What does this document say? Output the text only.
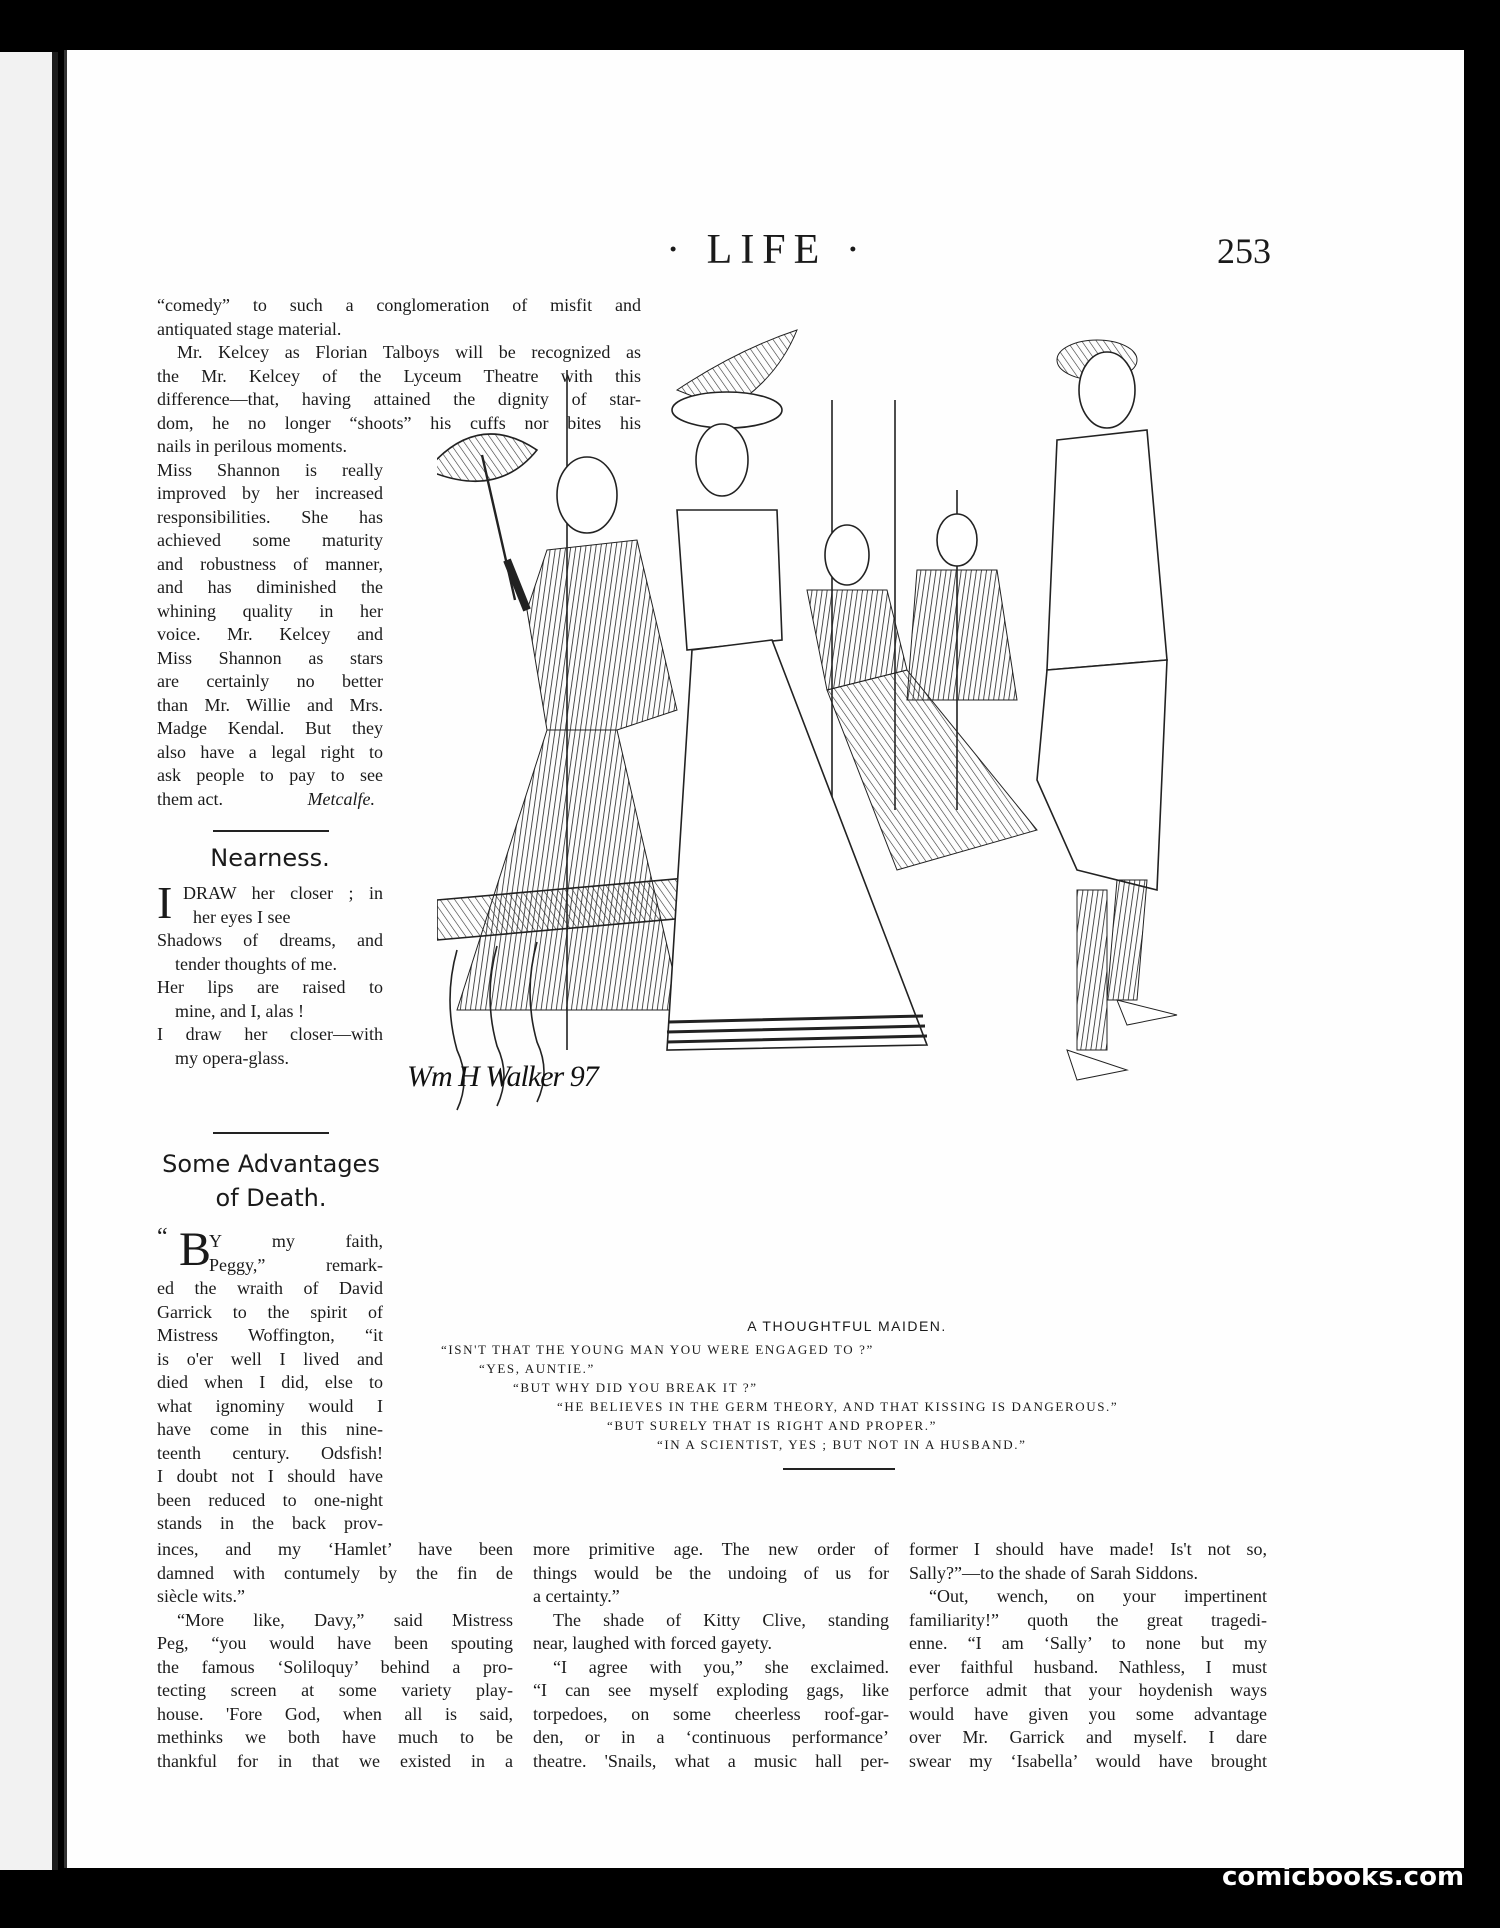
· LIFE ·	253
“comedy” to such a conglomeration of misfit and
antiquated stage material.
Mr. Kelcey as Florian Talboys will be recognized as
the Mr. Kelcey of the Lyceum Theatre with this
difference—that, having attained the dignity of star-
dom, he no longer “shoots” his cuffs nor bites his
nails in perilous moments.
Miss Shannon is really
improved by her increased
responsibilities. She has
achieved some maturity
and robustness of manner,
and has diminished the
whining quality in her
voice. Mr. Kelcey and
Miss Shannon as stars
are certainly no better
than Mr. Willie and Mrs.
Madge Kendal. But they
also have a legal right to
ask people to pay to see
them act.	Metcalfe.
Nearness.
I DRAW her closer ; in
her eyes I see
Shadows of dreams, and
tender thoughts of me.
Her lips are raised to
mine, and I, alas !
I draw her closer—with
my opera-glass.
Some Advantages
of Death.
“ B
Y my faith,
Peggy,” remark-
ed the wraith of David
Garrick to the spirit of
Mistress Woffington, “it
is o'er well I lived and
died when I did, else to
what ignominy would I
have come in this nine-
teenth century. Odsfish!
I doubt not I should have
been reduced to one-night
stands in the back prov-
inces, and my ‘Hamlet’ have been
damned with contumely by the fin de
siècle wits.”
“More like, Davy,” said Mistress
Peg, “you would have been spouting
the famous ‘Soliloquy’ behind a pro-
tecting screen at some variety play-
house. 'Fore God, when all is said,
methinks we both have much to be
thankful for in that we existed in a
more primitive age. The new order of
things would be the undoing of us for
a certainty.”
The shade of Kitty Clive, standing
near, laughed with forced gayety.
“I agree with you,” she exclaimed.
“I can see myself exploding gags, like
torpedoes, on some cheerless roof-gar-
den, or in a ‘continuous performance’
theatre. 'Snails, what a music hall per-
former I should have made! Is't not so,
Sally?”—to the shade of Sarah Siddons.
“Out, wench, on your impertinent
familiarity!” quoth the great tragedi-
enne. “I am ‘Sally’ to none but my
ever faithful husband. Nathless, I must
perforce admit that your hoydenish ways
would have given you some advantage
over Mr. Garrick and myself. I dare
swear my ‘Isabella’ would have brought
Wm H Walker 97
A THOUGHTFUL MAIDEN.
“ISN'T THAT THE YOUNG MAN YOU WERE ENGAGED TO ?”
“YES, AUNTIE.”
“BUT WHY DID YOU BREAK IT ?”
“HE BELIEVES IN THE GERM THEORY, AND THAT KISSING IS DANGEROUS.”
“BUT SURELY THAT IS RIGHT AND PROPER.”
“IN A SCIENTIST, YES ; BUT NOT IN A HUSBAND.”
comicbooks.com
